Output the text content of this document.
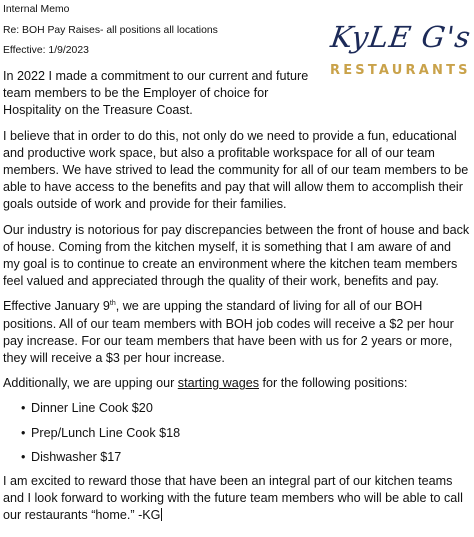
Internal Memo
Re: BOH Pay Raises- all positions all locations
Effective: 1/9/2023	KyLE G's
RESTAURANTS

In 2022 I made a commitment to our current and future team members to be the Employer of choice for Hospitality on the Treasure Coast.

I believe that in order to do this, not only do we need to provide a fun, educational and productive work space, but also a profitable workspace for all of our team members. We have strived to lead the community for all of our team members to be able to have access to the benefits and pay that will allow them to accomplish their goals outside of work and provide for their families.

Our industry is notorious for pay discrepancies between the front of house and back of house. Coming from the kitchen myself, it is something that I am aware of and my goal is to continue to create an environment where the kitchen team members feel valued and appreciated through the quality of their work, benefits and pay.

Effective January 9th, we are upping the standard of living for all of our BOH positions. All of our team members with BOH job codes will receive a $2 per hour pay increase. For our team members that have been with us for 2 years or more, they will receive a $3 per hour increase.

Additionally, we are upping our starting wages for the following positions:

• Dinner Line Cook $20
• Prep/Lunch Line Cook $18
• Dishwasher $17

I am excited to reward those that have been an integral part of our kitchen teams and I look forward to working with the future team members who will be able to call our restaurants “home.” -KG
